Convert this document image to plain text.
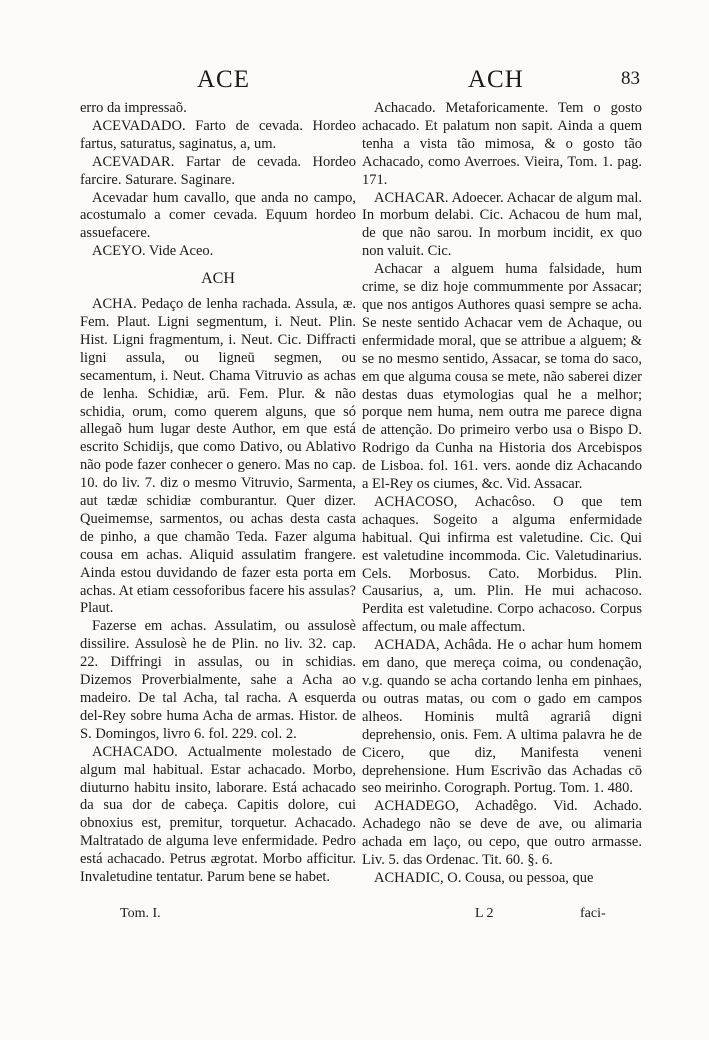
ACE	ACH	83

erro da impressaõ.

ACEVADADO. Farto de cevada. Hordeo fartus, saturatus, saginatus, a, um.

ACEVADAR. Fartar de cevada. Hordeo farcire. Saturare. Saginare.

Acevadar hum cavallo, que anda no campo, acostumalo a comer cevada. Equum hordeo assuefacere.

ACEYO. Vide Aceo.

ACH

ACHA. Pedaço de lenha rachada. Assula, æ. Fem. Plaut. Ligni segmentum, i. Neut. Plin. Hist. Ligni fragmentum, i. Neut. Cic. Diffracti ligni assula, ou ligneū segmen, ou secamentum, i. Neut. Chama Vitruvio as achas de lenha. Schidiæ, arū. Fem. Plur. & não schidia, orum, como querem alguns, que só allegaõ hum lugar deste Author, em que está escrito Schidijs, que como Dativo, ou Ablativo não pode fazer conhecer o genero. Mas no cap. 10. do liv. 7. diz o mesmo Vitruvio, Sarmenta, aut tædæ schidiæ comburantur. Quer dizer. Queimemse, sarmentos, ou achas desta casta de pinho, a que chamão Teda. Fazer alguma cousa em achas. Aliquid assulatim frangere. Ainda estou duvidando de fazer esta porta em achas. At etiam cessoforibus facere his assulas? Plaut.

Fazerse em achas. Assulatim, ou assulosè dissilire. Assulosè he de Plin. no liv. 32. cap. 22. Diffringi in assulas, ou in schidias. Dizemos Proverbialmente, sahe a Acha ao madeiro. De tal Acha, tal racha. A esquerda del-Rey sobre huma Acha de armas. Histor. de S. Domingos, livro 6. fol. 229. col. 2.

ACHACADO. Actualmente molestado de algum mal habitual. Estar achacado. Morbo, diuturno habitu insito, laborare. Está achacado da sua dor de cabeça. Capitis dolore, cui obnoxius est, premitur, torquetur. Achacado. Maltratado de alguma leve enfermidade. Pedro está achacado. Petrus ægrotat. Morbo afficitur. Invaletudine tentatur. Parum bene se habet.

Achacado. Metaforicamente. Tem o gosto achacado. Et palatum non sapit. Ainda a quem tenha a vista tão mimosa, & o gosto tão Achacado, como Averroes. Vieira, Tom. 1. pag. 171.

ACHACAR. Adoecer. Achacar de algum mal. In morbum delabi. Cic. Achacou de hum mal, de que não sarou. In morbum incidit, ex quo non valuit. Cic.

Achacar a alguem huma falsidade, hum crime, se diz hoje commummente por Assacar; que nos antigos Authores quasi sempre se acha. Se neste sentido Achacar vem de Achaque, ou enfermidade moral, que se attribue a alguem; & se no mesmo sentido, Assacar, se toma do saco, em que alguma cousa se mete, não saberei dizer destas duas etymologias qual he a melhor; porque nem huma, nem outra me parece digna de attenção. Do primeiro verbo usa o Bispo D. Rodrigo da Cunha na Historia dos Arcebispos de Lisboa. fol. 161. vers. aonde diz Achacando a El-Rey os ciumes, &c. Vid. Assacar.

ACHACOSO, Achacôso. O que tem achaques. Sogeito a alguma enfermidade habitual. Qui infirma est valetudine. Cic. Qui est valetudine incommoda. Cic. Valetudinarius. Cels. Morbosus. Cato. Morbidus. Plin. Causarius, a, um. Plin. He mui achacoso. Perdita est valetudine. Corpo achacoso. Corpus affectum, ou male affectum.

ACHADA, Achâda. He o achar hum homem em dano, que mereça coima, ou condenação, v.g. quando se acha cortando lenha em pinhaes, ou outras matas, ou com o gado em campos alheos. Hominis multâ agrariâ digni deprehensio, onis. Fem. A ultima palavra he de Cicero, que diz, Manifesta veneni deprehensione. Hum Escrivão das Achadas cō seo meirinho. Corograph. Portug. Tom. 1. 480.

ACHADEGO, Achadêgo. Vid. Achado. Achadego não se deve de ave, ou alimaria achada em laço, ou cepo, que outro armasse. Liv. 5. das Ordenac. Tit. 60. §. 6.

ACHADIC, O. Cousa, ou pessoa, que

Tom. I.	L 2	faci-
